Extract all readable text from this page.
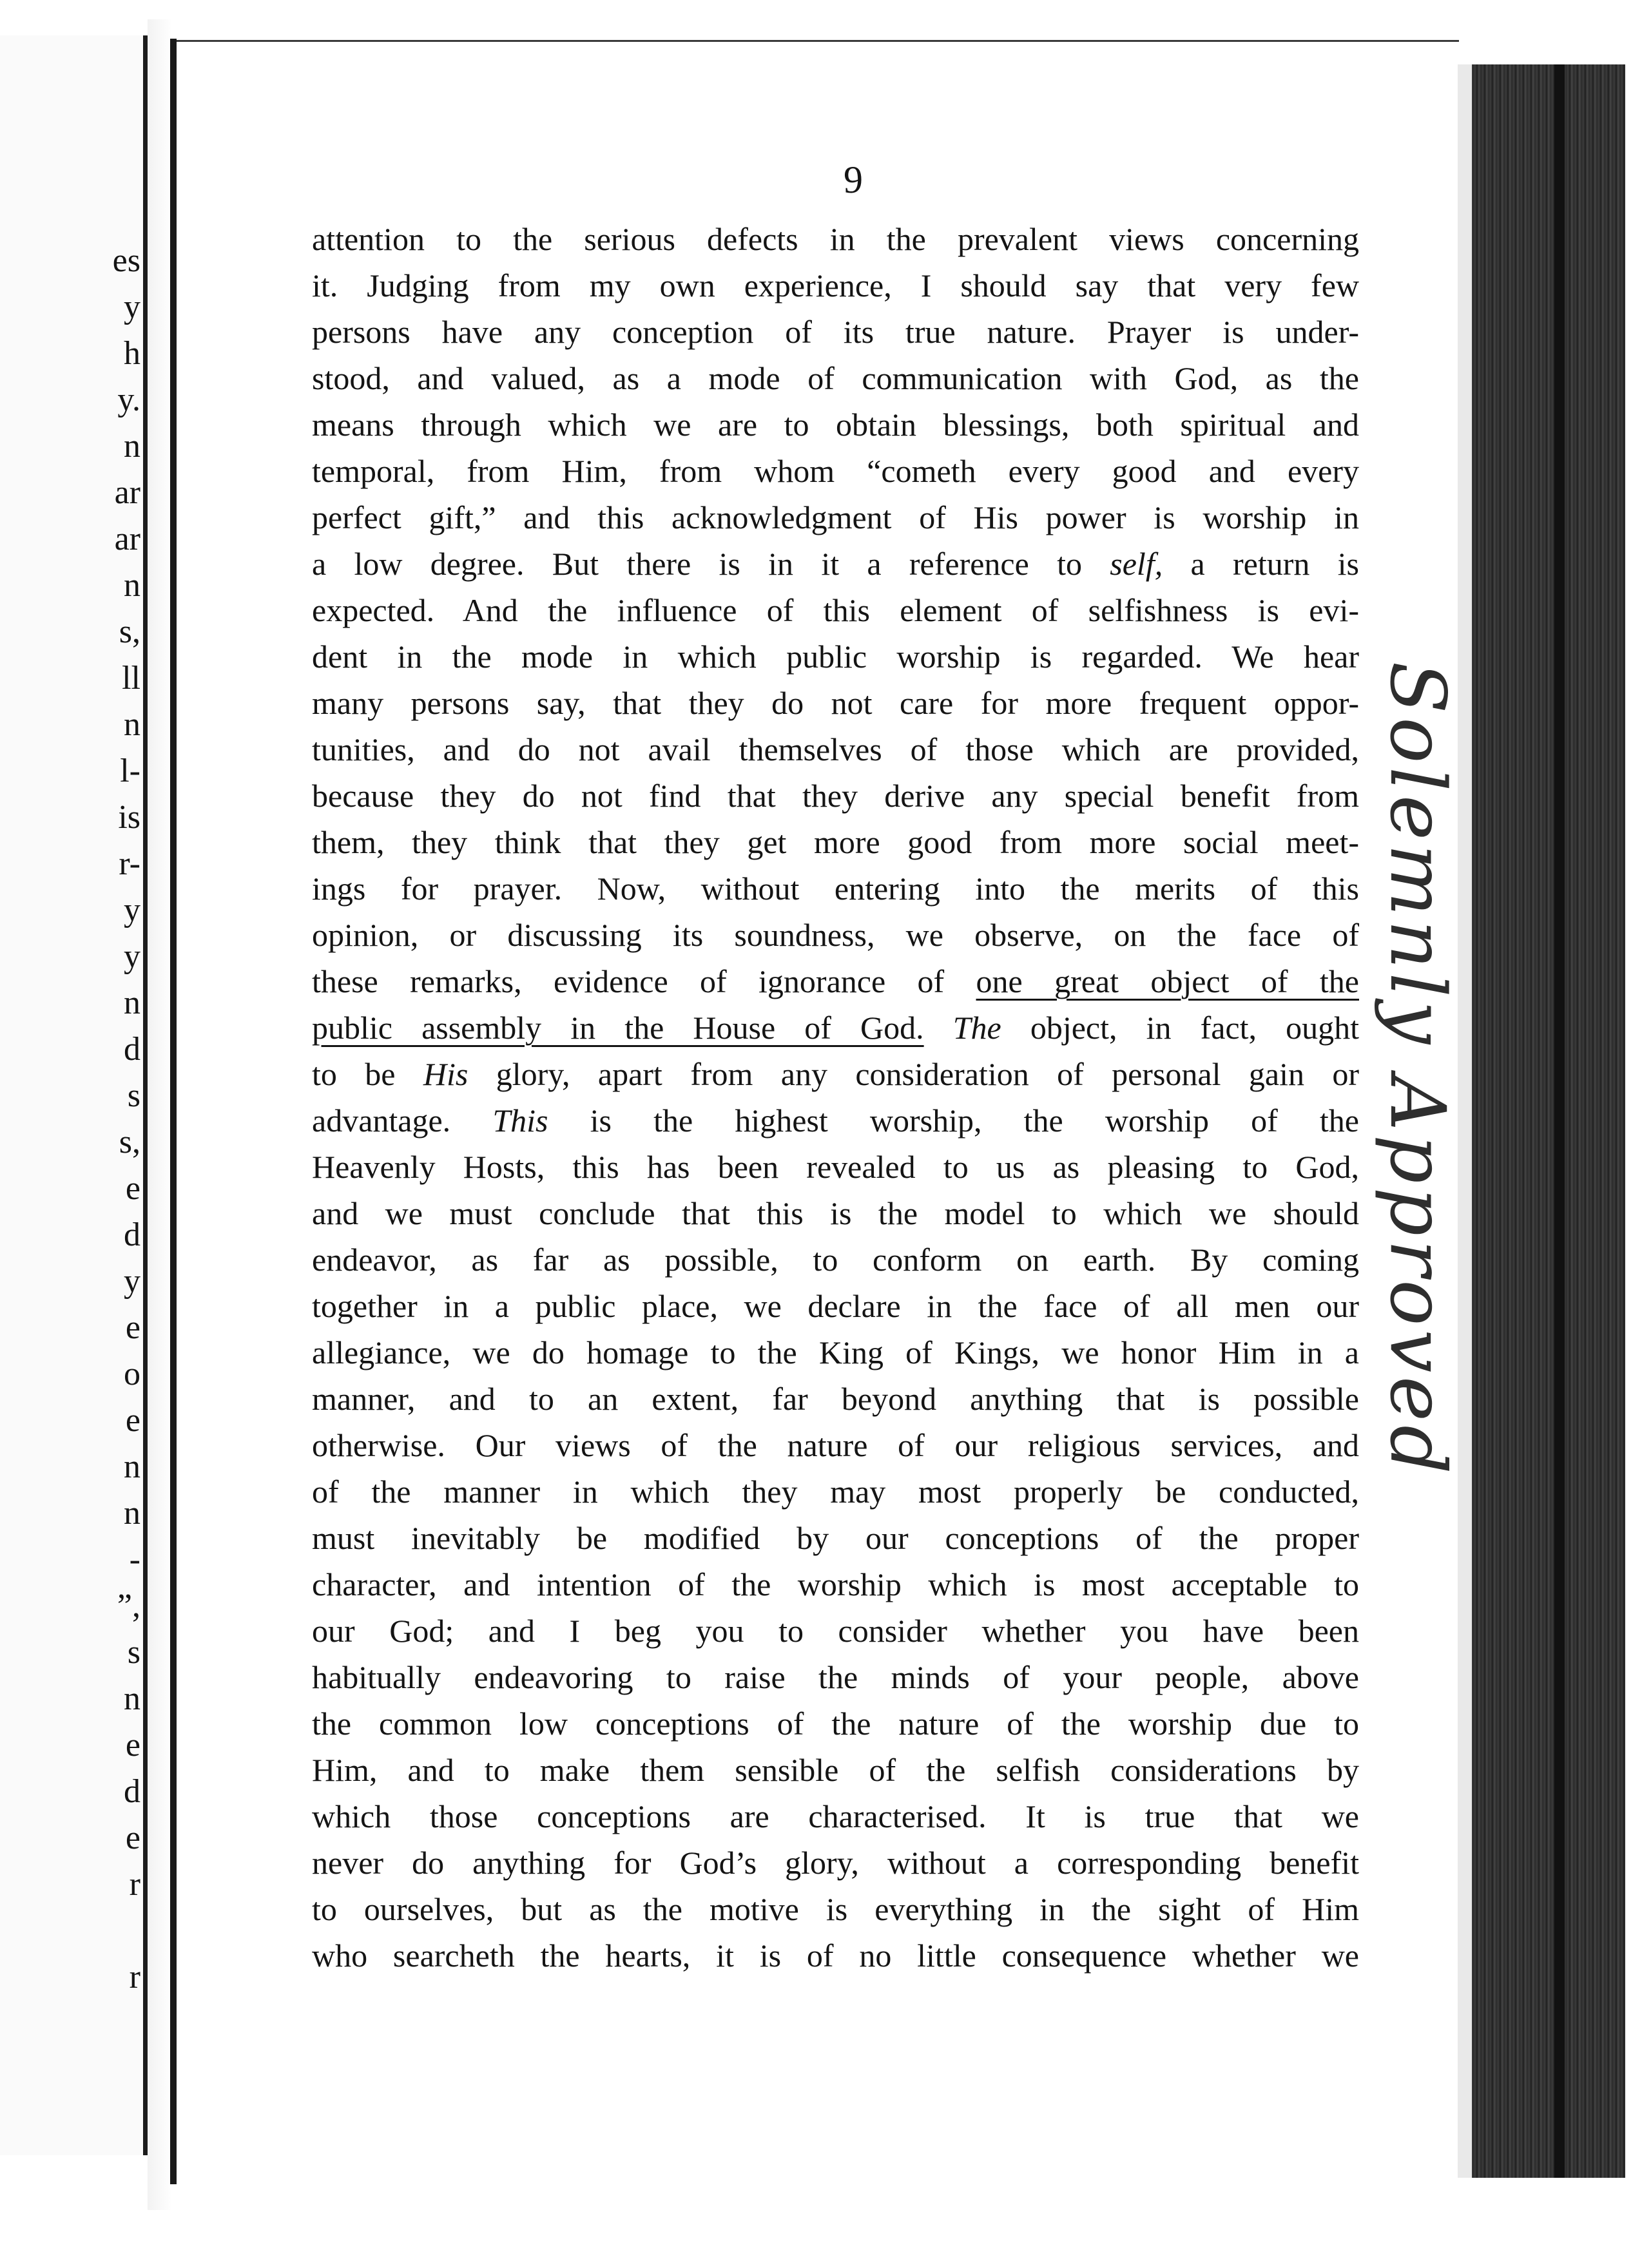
es
y
h
y.
n
ar
ar
n
s,
ll
n
l-
is
r-
y
y
n
d
s
s,
e
d
y
e
o
e
n
n
-
”,
s
n
e
d
e
r
r
9
attention to the serious defects in the prevalent views concerning
it. Judging from my own experience, I should say that very few
persons have any conception of its true nature. Prayer is under-
stood, and valued, as a mode of communication with God, as the
means through which we are to obtain blessings, both spiritual and
temporal, from Him, from whom “cometh every good and every
perfect gift,” and this acknowledgment of His power is worship in
a low degree. But there is in it a reference to self, a return is
expected. And the influence of this element of selfishness is evi-
dent in the mode in which public worship is regarded. We hear
many persons say, that they do not care for more frequent oppor-
tunities, and do not avail themselves of those which are provided,
because they do not find that they derive any special benefit from
them, they think that they get more good from more social meet-
ings for prayer. Now, without entering into the merits of this
opinion, or discussing its soundness, we observe, on the face of
these remarks, evidence of ignorance of one great object of the
public assembly in the House of God. The object, in fact, ought
to be His glory, apart from any consideration of personal gain or
advantage. This is the highest worship, the worship of the
Heavenly Hosts, this has been revealed to us as pleasing to God,
and we must conclude that this is the model to which we should
endeavor, as far as possible, to conform on earth. By coming
together in a public place, we declare in the face of all men our
allegiance, we do homage to the King of Kings, we honor Him in a
manner, and to an extent, far beyond anything that is possible
otherwise. Our views of the nature of our religious services, and
of the manner in which they may most properly be conducted,
must inevitably be modified by our conceptions of the proper
character, and intention of the worship which is most acceptable to
our God; and I beg you to consider whether you have been
habitually endeavoring to raise the minds of your people, above
the common low conceptions of the nature of the worship due to
Him, and to make them sensible of the selfish considerations by
which those conceptions are characterised. It is true that we
never do anything for God’s glory, without a corresponding benefit
to ourselves, but as the motive is everything in the sight of Him
who searcheth the hearts, it is of no little consequence whether we
Solemnly Approved
